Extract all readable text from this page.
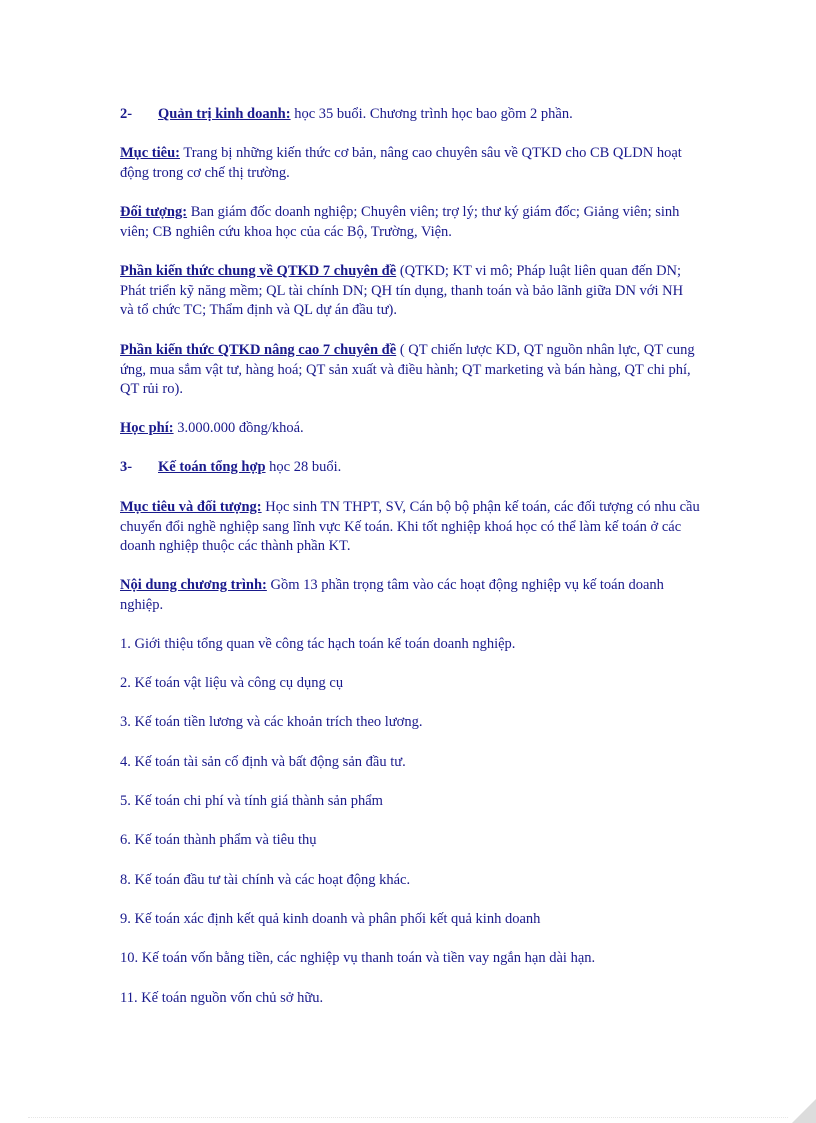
2- Quản trị kinh doanh: học 35 buổi. Chương trình học bao gồm 2 phần.

Mục tiêu: Trang bị những kiến thức cơ bản, nâng cao chuyên sâu về QTKD cho CB QLDN hoạt động trong cơ chế thị trường.

Đối tượng: Ban giám đốc doanh nghiệp; Chuyên viên; trợ lý; thư ký giám đốc; Giảng viên; sinh viên; CB nghiên cứu khoa học của các Bộ, Trường, Viện.

Phần kiến thức chung về QTKD 7 chuyên đề (QTKD; KT vi mô; Pháp luật liên quan đến DN; Phát triển kỹ năng mềm; QL tài chính DN; QH tín dụng, thanh toán và bảo lãnh giữa DN với NH và tổ chức TC; Thẩm định và QL dự án đầu tư).

Phần kiến thức QTKD nâng cao 7 chuyên đề ( QT chiến lược KD, QT nguồn nhân lực, QT cung ứng, mua sắm vật tư, hàng hoá; QT sản xuất và điều hành; QT marketing và bán hàng, QT chi phí, QT rủi ro).

Học phí: 3.000.000 đồng/khoá.

3- Kế toán tổng hợp học 28 buổi.

Mục tiêu và đối tượng: Học sinh TN THPT, SV, Cán bộ bộ phận kế toán, các đối tượng có nhu cầu chuyển đổi nghề nghiệp sang lĩnh vực Kế toán. Khi tốt nghiệp khoá học có thể làm kế toán ở các doanh nghiệp thuộc các thành phần KT.

Nội dung chương trình: Gồm 13 phần trọng tâm vào các hoạt động nghiệp vụ kế toán doanh nghiệp.

1. Giới thiệu tổng quan về công tác hạch toán kế toán doanh nghiệp.

2. Kế toán vật liệu và công cụ dụng cụ

3. Kế toán tiền lương và các khoản trích theo lương.

4. Kế toán tài sản cố định và bất động sản đầu tư.

5. Kế toán chi phí và tính giá thành sản phẩm

6. Kế toán thành phẩm và tiêu thụ

8. Kế toán đầu tư tài chính và các hoạt động khác.

9. Kế toán xác định kết quả kinh doanh và phân phối kết quả kinh doanh

10. Kế toán vốn bằng tiền, các nghiệp vụ thanh toán và tiền vay ngắn hạn dài hạn.

11. Kế toán nguồn vốn chủ sở hữu.
